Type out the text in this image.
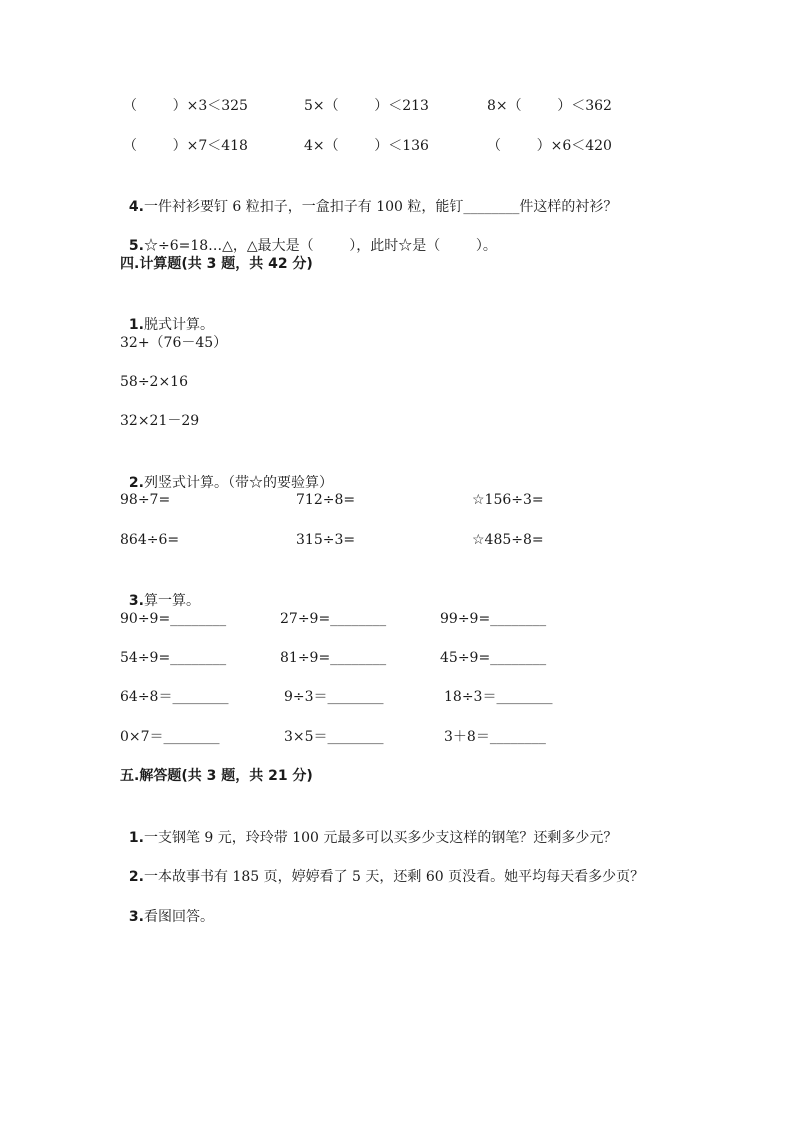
（        ）×3＜325	5×（        ）＜213	8×（        ）＜362
（        ）×7＜418	4×（        ）＜136	（        ）×6＜420

4.一件衬衫要钉 6 粒扣子，一盒扣子有 100 粒，能钉________件这样的衬衫？

5.☆÷6=18…△，△最大是（        ），此时☆是（        ）。

四.计算题(共 3 题，共 42 分)

1.脱式计算。

32+（76－45）
58÷2×16
32×21－29

2.列竖式计算。（带☆的要验算）

98÷7=	712÷8=	☆156÷3=
864÷6=	315÷3=	☆485÷8=

3.算一算。

90÷9=________	27÷9=________	99÷9=________
54÷9=________	81÷9=________	45÷9=________
64÷8＝________	9÷3＝________	18÷3＝________
0×7＝________	3×5＝________	3＋8＝________
五.解答题(共 3 题，共 21 分)

1.一支钢笔 9 元，玲玲带 100 元最多可以买多少支这样的钢笔？还剩多少元？

2.一本故事书有 185 页，婷婷看了 5 天，还剩 60 页没看。她平均每天看多少页？

3.看图回答。
